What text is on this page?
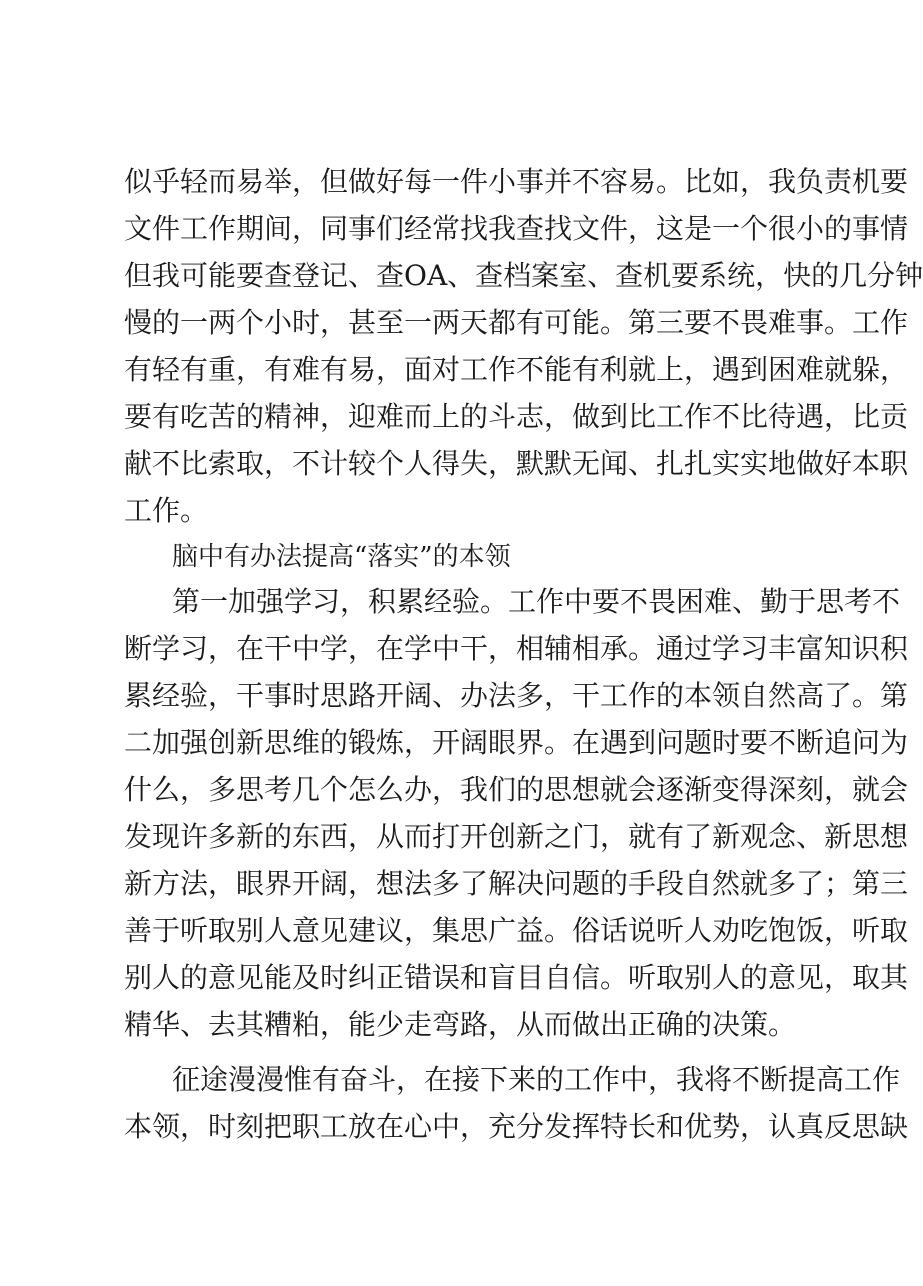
似乎轻而易举，但做好每一件小事并不容易。比如，我负责机要
文件工作期间，同事们经常找我查找文件，这是一个很小的事情
但我可能要查登记、查OA、查档案室、查机要系统，快的几分钟
慢的一两个小时，甚至一两天都有可能。第三要不畏难事。工作
有轻有重，有难有易，面对工作不能有利就上，遇到困难就躲，
要有吃苦的精神，迎难而上的斗志，做到比工作不比待遇，比贡
献不比索取，不计较个人得失，默默无闻、扎扎实实地做好本职
工作。
脑中有办法提高“落实”的本领
第一加强学习，积累经验。工作中要不畏困难、勤于思考不
断学习，在干中学，在学中干，相辅相承。通过学习丰富知识积
累经验，干事时思路开阔、办法多，干工作的本领自然高了。第
二加强创新思维的锻炼，开阔眼界。在遇到问题时要不断追问为
什么，多思考几个怎么办，我们的思想就会逐渐变得深刻，就会
发现许多新的东西，从而打开创新之门，就有了新观念、新思想
新方法，眼界开阔，想法多了解决问题的手段自然就多了；第三
善于听取别人意见建议，集思广益。俗话说听人劝吃饱饭，听取
别人的意见能及时纠正错误和盲目自信。听取别人的意见，取其
精华、去其糟粕，能少走弯路，从而做出正确的决策。
征途漫漫惟有奋斗，在接下来的工作中，我将不断提高工作
本领，时刻把职工放在心中，充分发挥特长和优势，认真反思缺
